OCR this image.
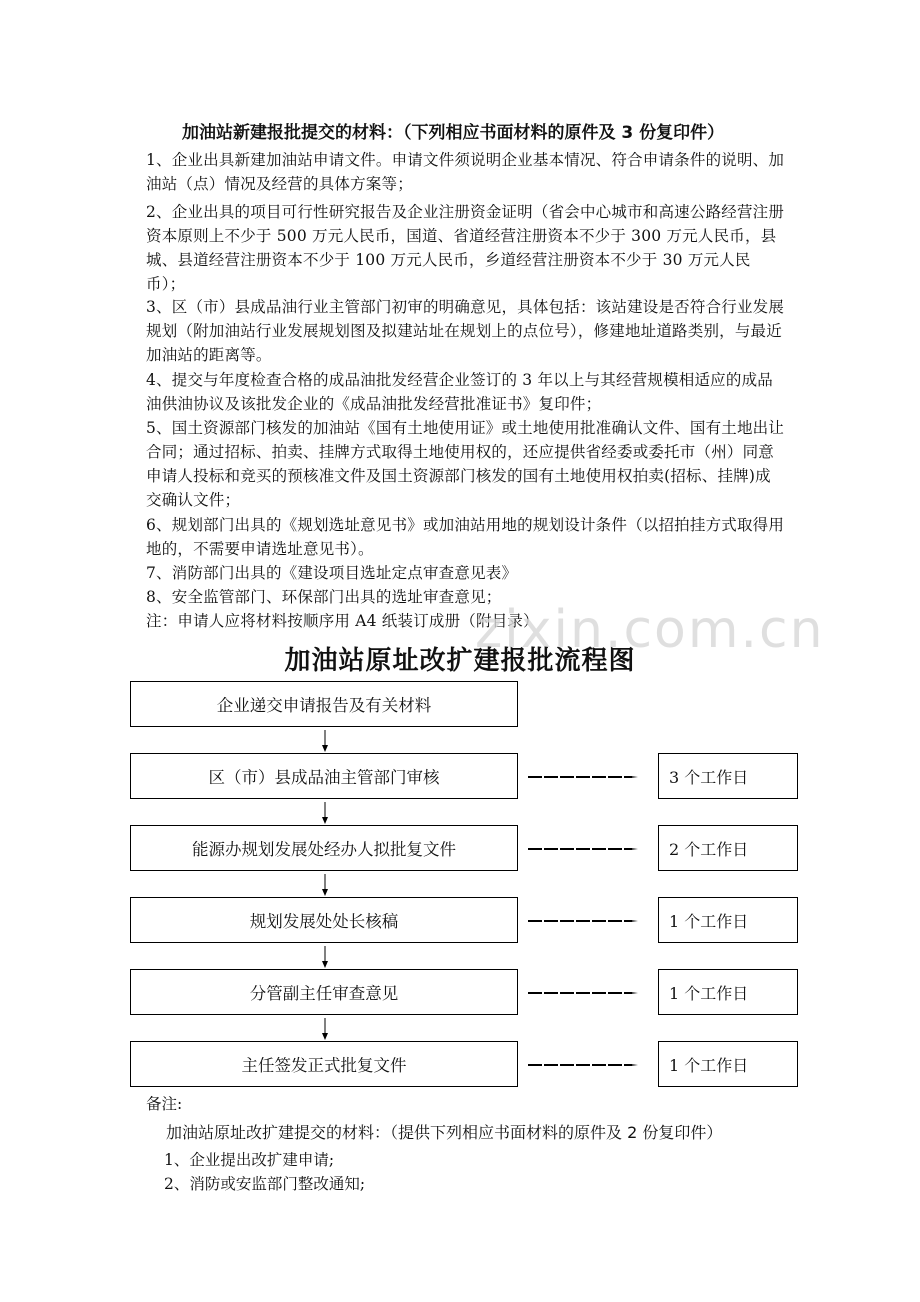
加油站新建报批提交的材料：（下列相应书面材料的原件及 3 份复印件）
1、企业出具新建加油站申请文件。申请文件须说明企业基本情况、符合申请条件的说明、加油站（点）情况及经营的具体方案等；
2、企业出具的项目可行性研究报告及企业注册资金证明（省会中心城市和高速公路经营注册资本原则上不少于 500 万元人民币，国道、省道经营注册资本不少于 300 万元人民币，县城、县道经营注册资本不少于 100 万元人民币，乡道经营注册资本不少于 30 万元人民币）；
3、区（市）县成品油行业主管部门初审的明确意见，具体包括：该站建设是否符合行业发展规划（附加油站行业发展规划图及拟建站址在规划上的点位号），修建地址道路类别，与最近加油站的距离等。
4、提交与年度检查合格的成品油批发经营企业签订的 3 年以上与其经营规模相适应的成品油供油协议及该批发企业的《成品油批发经营批准证书》复印件；
5、国土资源部门核发的加油站《国有土地使用证》或土地使用批准确认文件、国有土地出让合同；通过招标、拍卖、挂牌方式取得土地使用权的，还应提供省经委或委托市（州）同意申请人投标和竞买的预核准文件及国土资源部门核发的国有土地使用权拍卖(招标、挂牌)成交确认文件；
6、规划部门出具的《规划选址意见书》或加油站用地的规划设计条件（以招拍挂方式取得用地的，不需要申请选址意见书）。
7、消防部门出具的《建设项目选址定点审查意见表》
8、安全监管部门、环保部门出具的选址审查意见；
注：申请人应将材料按顺序用 A4 纸装订成册（附目录）
zixin.com.cn
加油站原址改扩建报批流程图
企业递交申请报告及有关材料
区（市）县成品油主管部门审核	3 个工作日
能源办规划发展处经办人拟批复文件	2 个工作日
规划发展处处长核稿	1 个工作日
分管副主任审查意见	1 个工作日
主任签发正式批复文件	1 个工作日
备注:
加油站原址改扩建提交的材料：（提供下列相应书面材料的原件及 2 份复印件）
1、企业提出改扩建申请;
2、消防或安监部门整改通知;
